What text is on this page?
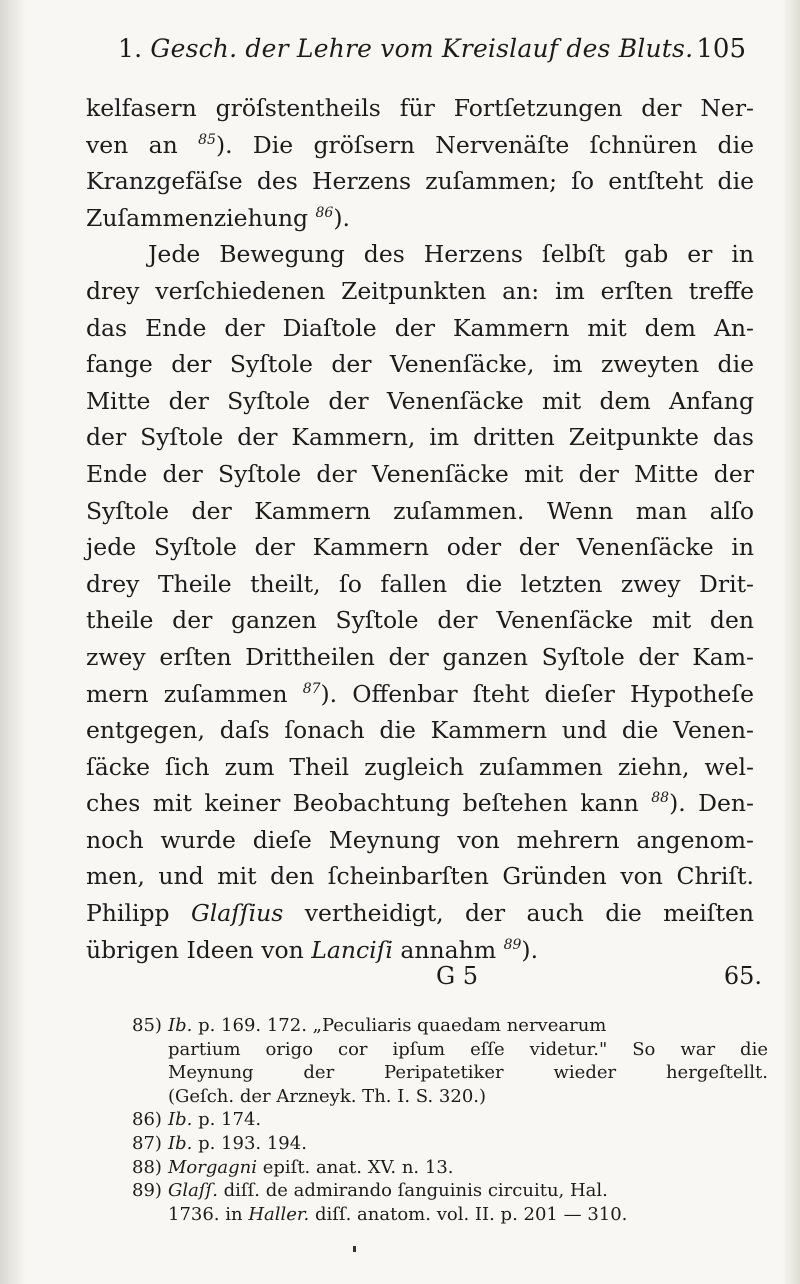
1. Gesch. der Lehre vom Kreislauf des Bluts. 105
kelfasern gröſstentheils für Fortſetzungen der Ner-
ven an $^{85}$). Die gröſsern Nervenäſte ſchnüren die
Kranzgefäſse des Herzens zuſammen; ſo entſteht die
Zuſammenziehung $^{86}$).
Jede Bewegung des Herzens ſelbſt gab er in
drey verſchiedenen Zeitpunkten an: im erſten treffe
das Ende der Diaſtole der Kammern mit dem An-
fange der Syſtole der Venenſäcke, im zweyten die
Mitte der Syſtole der Venenſäcke mit dem Anfang
der Syſtole der Kammern, im dritten Zeitpunkte das
Ende der Syſtole der Venenſäcke mit der Mitte der
Syſtole der Kammern zuſammen. Wenn man alſo
jede Syſtole der Kammern oder der Venenſäcke in
drey Theile theilt, ſo fallen die letzten zwey Drit-
theile der ganzen Syſtole der Venenſäcke mit den
zwey erſten Drittheilen der ganzen Syſtole der Kam-
mern zuſammen $^{87}$). Offenbar ſteht dieſer Hypotheſe
entgegen, daſs ſonach die Kammern und die Venen-
ſäcke ſich zum Theil zugleich zuſammen ziehn, wel-
ches mit keiner Beobachtung beſtehen kann $^{88}$). Den-
noch wurde dieſe Meynung von mehrern angenom-
men, und mit den ſcheinbarſten Gründen von Chriſt.
Philipp Glaſſius vertheidigt, der auch die meiſten
übrigen Ideen von Lanciſi annahm $^{89}$).
G 5	65.
85) Ib. p. 169. 172. „Peculiaris quaedam nervearum
partium origo cor ipſum eſſe videtur." So war die
Meynung der Peripatetiker wieder hergeſtellt.
(Geſch. der Arzneyk. Th. I. S. 320.)
86) Ib. p. 174.
87) Ib. p. 193. 194.
88) Morgagni epiſt. anat. XV. n. 13.
89) Glaſſ. diſſ. de admirando ſanguinis circuitu, Hal.
1736. in Haller. diſſ. anatom. vol. II. p. 201 — 310.
